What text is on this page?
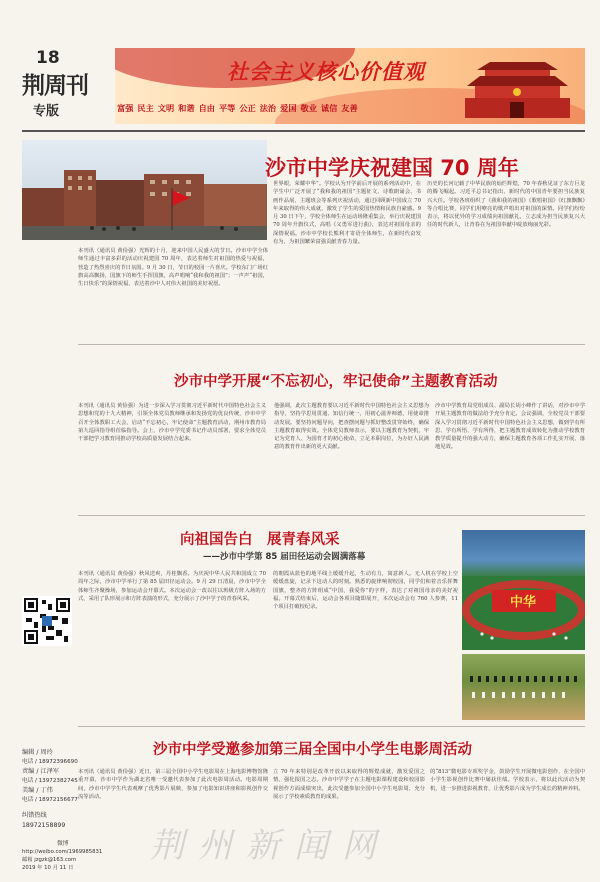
18
荆周刊
专版
社会主义核心价值观
富强 民主 文明 和谐 自由 平等 公正 法治 爱国 敬业 诚信 友善
沙市中学庆祝建国 70 周年
本刊讯（通讯员 黄俭强）光辉的十月，迎来中国人民盛大的节日。沙市中学全体师生通过丰富多彩的活动庆祝建国 70 周年，表达着师生对祖国的热爱与祝福，营造了热烈喜庆的节日氛围。9 月 30 日，节日的校园一片喜庆。学校东门广场红旗高高飘扬，国旗下的师生手挥国旗，高声唱响“我和我的祖国”；一声声“祖国，生日快乐”的深情祝福，表达着沙中人对伟大祖国的美好祝愿。
世界眼，荣耀中华”。学校认为开学前后开展的系列活动中，在学生中广泛开展了“我和我的祖国”主题征文、诗歌朗诵会、书画作品展、主题班会等系列庆祝活动，通过回顾新中国成立 70 年来取得的伟大成就，激发了学生的爱国热情和民族自豪感。9 月 30 日下午，学校全体师生在运动场隆重集会，举行庆祝建国 70 周年升旗仪式，高唱《义勇军进行曲》，表达对祖国母亲的深情祝福。沙市中学校长熊利才寄语全体师生，在新时代奋发有为，为祖国繁荣富强贡献青春力量。
历史的长河记载了中华民族的灿烂辉煌，70 年春秋见证了东方巨龙的腾飞崛起。习近平总书记指出，新时代的中国青年要担当民族复兴大任。学校各班组织了《我和我的祖国》《歌唱祖国》《红旗飘飘》等合唱比赛，同学们用嘹亮的歌声唱出对祖国的深情。同学们纷纷表示，将以优异的学习成绩向祖国献礼，立志成为担当民族复兴大任的时代新人，让青春在为祖国奉献中绽放绚丽光彩。
沙市中学开展“不忘初心，牢记使命”主题教育活动
本刊讯（通讯员 黄俭强）为进一步深入学习贯彻习近平新时代中国特色社会主义思想和党的十九大精神，引领全体党员教师继承和发扬党的优良传统，沙市中学召开全体教职工大会，启动“不忘初心，牢记使命”主题教育活动，荆州市教育局第九巡回指导组莅临指导。会上，沙市中学党委书记作动员部署，要求全体党员干部把学习教育同推动学校高质量发展结合起来。
他强调，此次主题教育要以习近平新时代中国特色社会主义思想为指导，坚持学思用贯通、知信行统一，用初心滋养师德，用使命推动发展。要坚持问题导向，把查摆问题与抓好整改贯穿始终，确保主题教育取得实效。全体党员教师表示，要以主题教育为契机，牢记为党育人、为国育才的初心使命，立足本职岗位，为办好人民满意的教育作出新的更大贡献。
沙市中学教育局党组成员、副局长胡小峰作了讲话，对沙市中学开展主题教育的做法给予充分肯定。会议强调，全校党员干部要深入学习贯彻习近平新时代中国特色社会主义思想，做到学有所思、学有所悟、学有所得，把主题教育成效转化为推动学校教育教学质量提升的强大动力，确保主题教育各项工作扎实开展、落地见效。
向祖国告白　展青春风采
——沙市中学第 85 届田径运动会圆满落幕
本刊讯（通讯员 黄俭强）秋风送爽，丹桂飘香。为庆祝中华人民共和国成立 70 周年之际，沙市中学举行了第 85 届田径运动会。9 月 29 日清晨，沙市中学全体师生齐聚操场，参加运动会开幕式。本次运动会一改以往以班级方阵入场的方式，采用了队形展示和方阵表演的形式，充分展示了沙中学子的青春风采。
的朝霞从蓝色的地平线上缓缓升起，生动有力，寓意新人。无人机在学校上空缓缓盘旋，记录下这动人的时刻。熟悉的旋律响彻校园，同学们和着音乐挥舞国旗，整齐的方阵组成“中国，我爱你”的字样，表达了对祖国母亲的美好祝福。开幕式结束后，运动会各项目随即展开，本次运动会有 760 人参赛，11 个项目打破校纪录。	中华
沙市中学受邀参加第三届全国中小学生电影周活动
本刊讯（通讯员 黄俭强）近日，第三届全国中小学生电影周在上海电影博物馆隆重开幕，沙市中学作为湖北省唯一受邀代表参加了此次电影周活动。电影周期间，沙市中学学生代表观摩了优秀影片展映，参加了电影知识讲座和影视创作交流等活动。
立 70 年来特别是改革开放以来取得的辉煌成就，激发爱国之情、强化报国之志。沙市中学学子在主题电影课程建设和校园影视创作方面成绩突出，此次受邀参加全国中小学生电影周，充分展示了学校素质教育的成果。
的“813”微电影专项奖学金，鼓励学生开展微电影创作，在全国中小学生影视创作比赛中屡获佳绩。学校表示，将以此次活动为契机，进一步推进影视教育，让优秀影片成为学生成长的精神养料。
编辑 / 周玲
电话 / 18972396690
责编 / 江泽军
电话 / 13972382745
美编 / 丁伟
电话 / 18972156677
纠错热线
18972158899
微博
http://weibo.com/1969985831
邮箱 jzgzk@163.com
2019 年 10 月 11 日
荆州新闻网
